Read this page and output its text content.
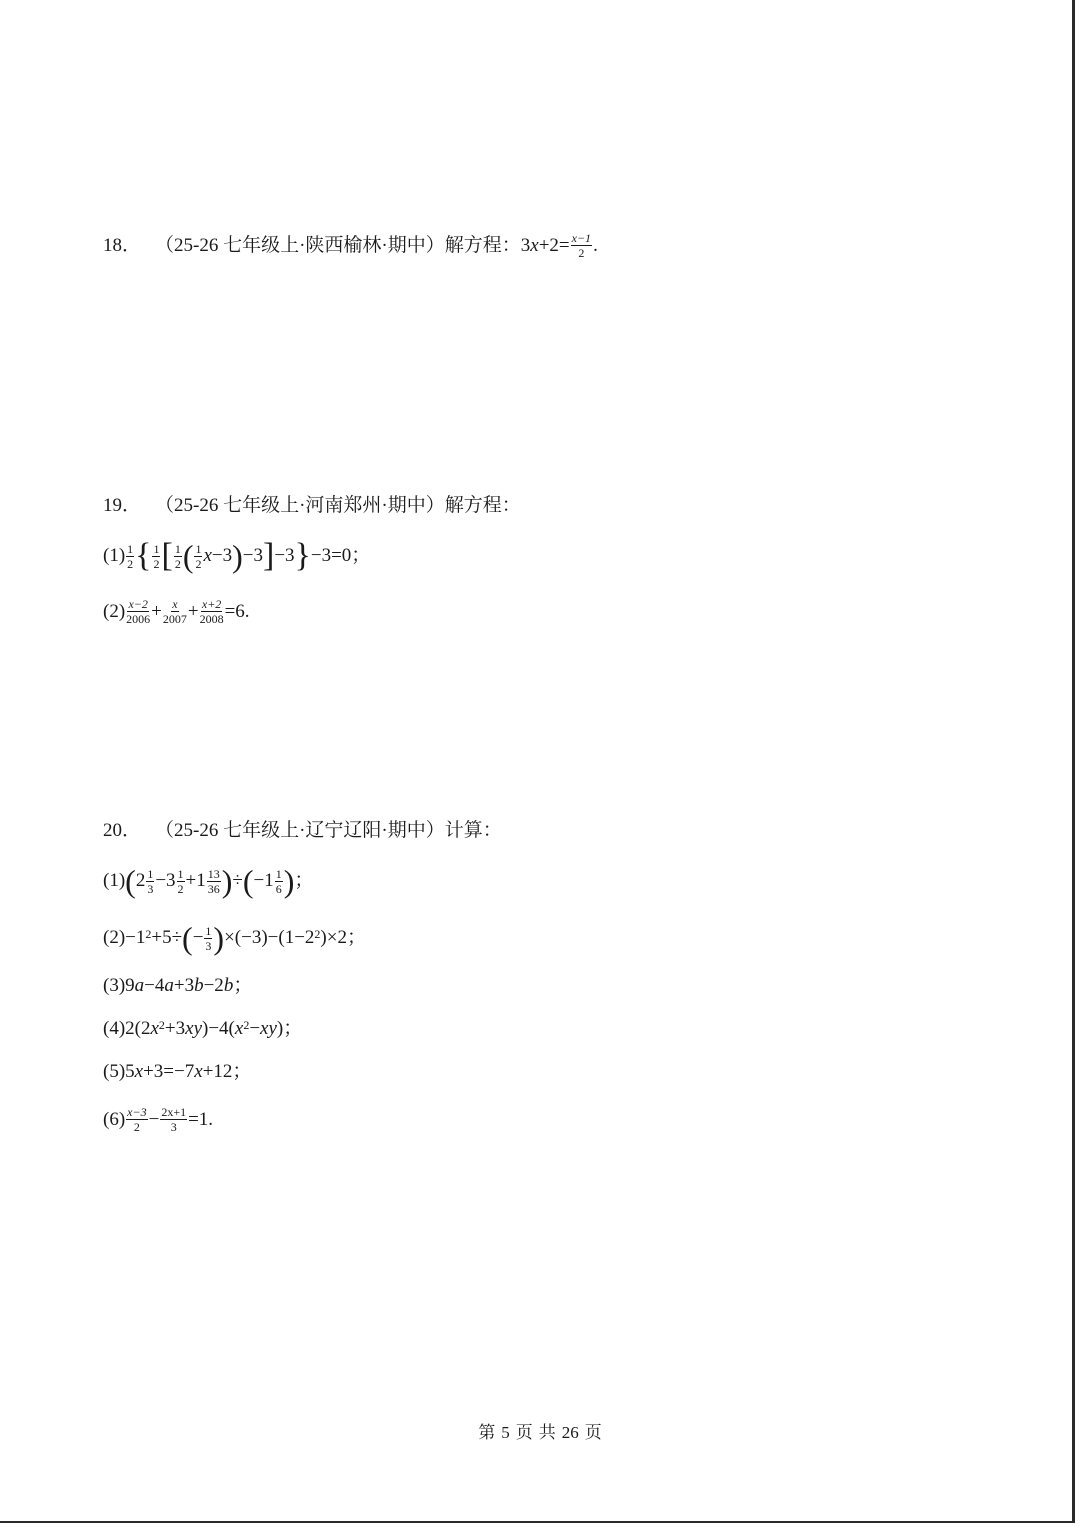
18． （25-26 七年级上·陕西榆林·期中）解方程： 3 $x +2= \frac{x-1}{2}$ .
19． （25-26 七年级上·河南郑州·期中）解方程：
$(1) \frac{1}{2}$ { $\frac{1}{2}$ [ $\frac{1}{2}$ ( $\frac{1}{2}$ x −3 ) −3 ] −3 } −3=0；
$(2) \frac{x-2}{2006} + \frac{x}{2007} + \frac{x+2}{2008} =6$.
20． （25-26 七年级上·辽宁辽阳·期中）计算：
(1) ( $2 \frac{1}{3} -3 \frac{1}{2} +1 \frac{13}{36}$ ) ÷ ( $-1 \frac{1}{6}$ ) ；
$(2) -1^2+5\div$ ( − $\frac{1}{3}$ ) $\times(-3)-(1-2^2)\times 2$；
(3)9a−4a+3b−2b；
(4) $2(2x^2+3xy)-4(x^2-xy)$；
(5) 5x+3=−7x+12；
$(6) \frac{x-3}{2} - \frac{2x+1}{3} =1$.
第 5 页 共 26 页
